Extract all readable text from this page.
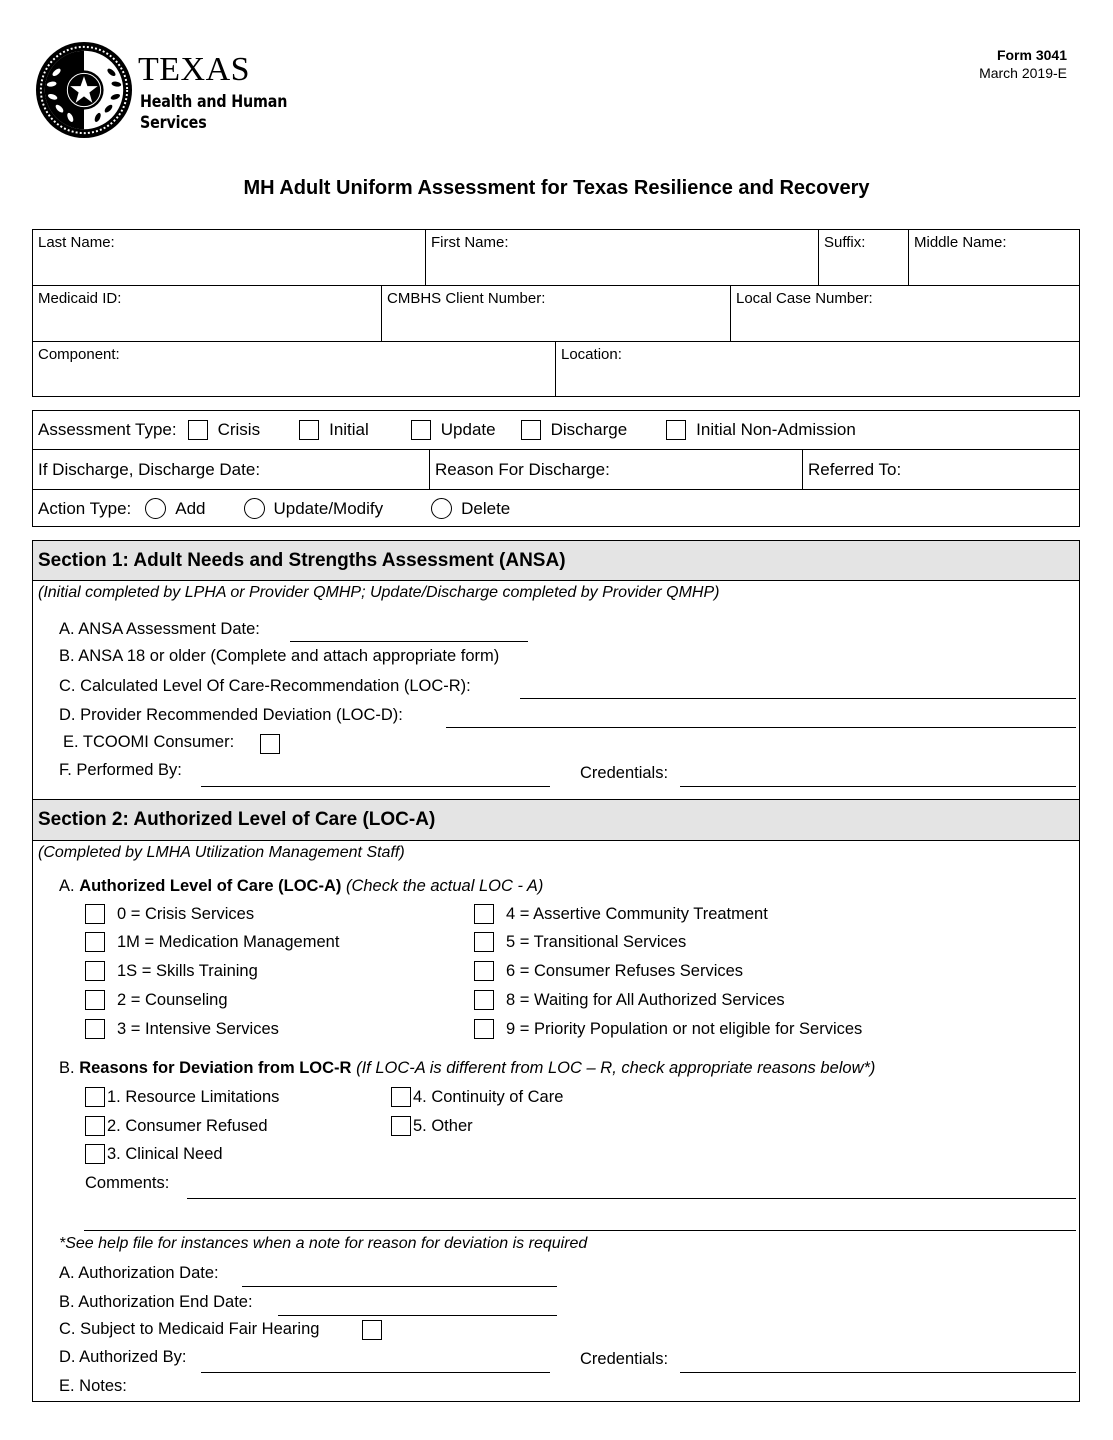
TEXAS
Health and Human
Services
Form 3041
March 2019-E
MH Adult Uniform Assessment for Texas Resilience and Recovery
Last Name:	First Name:	Suffix:	Middle Name:
Medicaid ID:	CMBHS Client Number:	Local Case Number:
Component:	Location:
Assessment Type: Crisis	Initial	Update	Discharge	Initial Non-Admission
If Discharge, Discharge Date:	Reason For Discharge:	Referred To:
Action Type:	Add	Update/Modify	Delete
Section 1: Adult Needs and Strengths Assessment (ANSA)
(Initial completed by LPHA or Provider QMHP; Update/Discharge completed by Provider QMHP)
A. ANSA Assessment Date:
B. ANSA 18 or older (Complete and attach appropriate form)
C. Calculated Level Of Care-Recommendation (LOC-R):
D. Provider Recommended Deviation (LOC-D):
E. TCOOMI Consumer:
F. Performed By:	Credentials:
Section 2: Authorized Level of Care (LOC-A)
(Completed by LMHA Utilization Management Staff)
A. Authorized Level of Care (LOC-A) (Check the actual LOC - A)
0 = Crisis Services
1M = Medication Management
1S = Skills Training
2 = Counseling
3 = Intensive Services
4 = Assertive Community Treatment
5 = Transitional Services
6 = Consumer Refuses Services
8 = Waiting for All Authorized Services
9 = Priority Population or not eligible for Services
B. Reasons for Deviation from LOC-R (If LOC-A is different from LOC – R, check appropriate reasons below*)
1. Resource Limitations
2. Consumer Refused
3. Clinical Need
4. Continuity of Care
5. Other
Comments:
*See help file for instances when a note for reason for deviation is required
A. Authorization Date:
B. Authorization End Date:
C. Subject to Medicaid Fair Hearing
D. Authorized By:	Credentials:
E. Notes:
